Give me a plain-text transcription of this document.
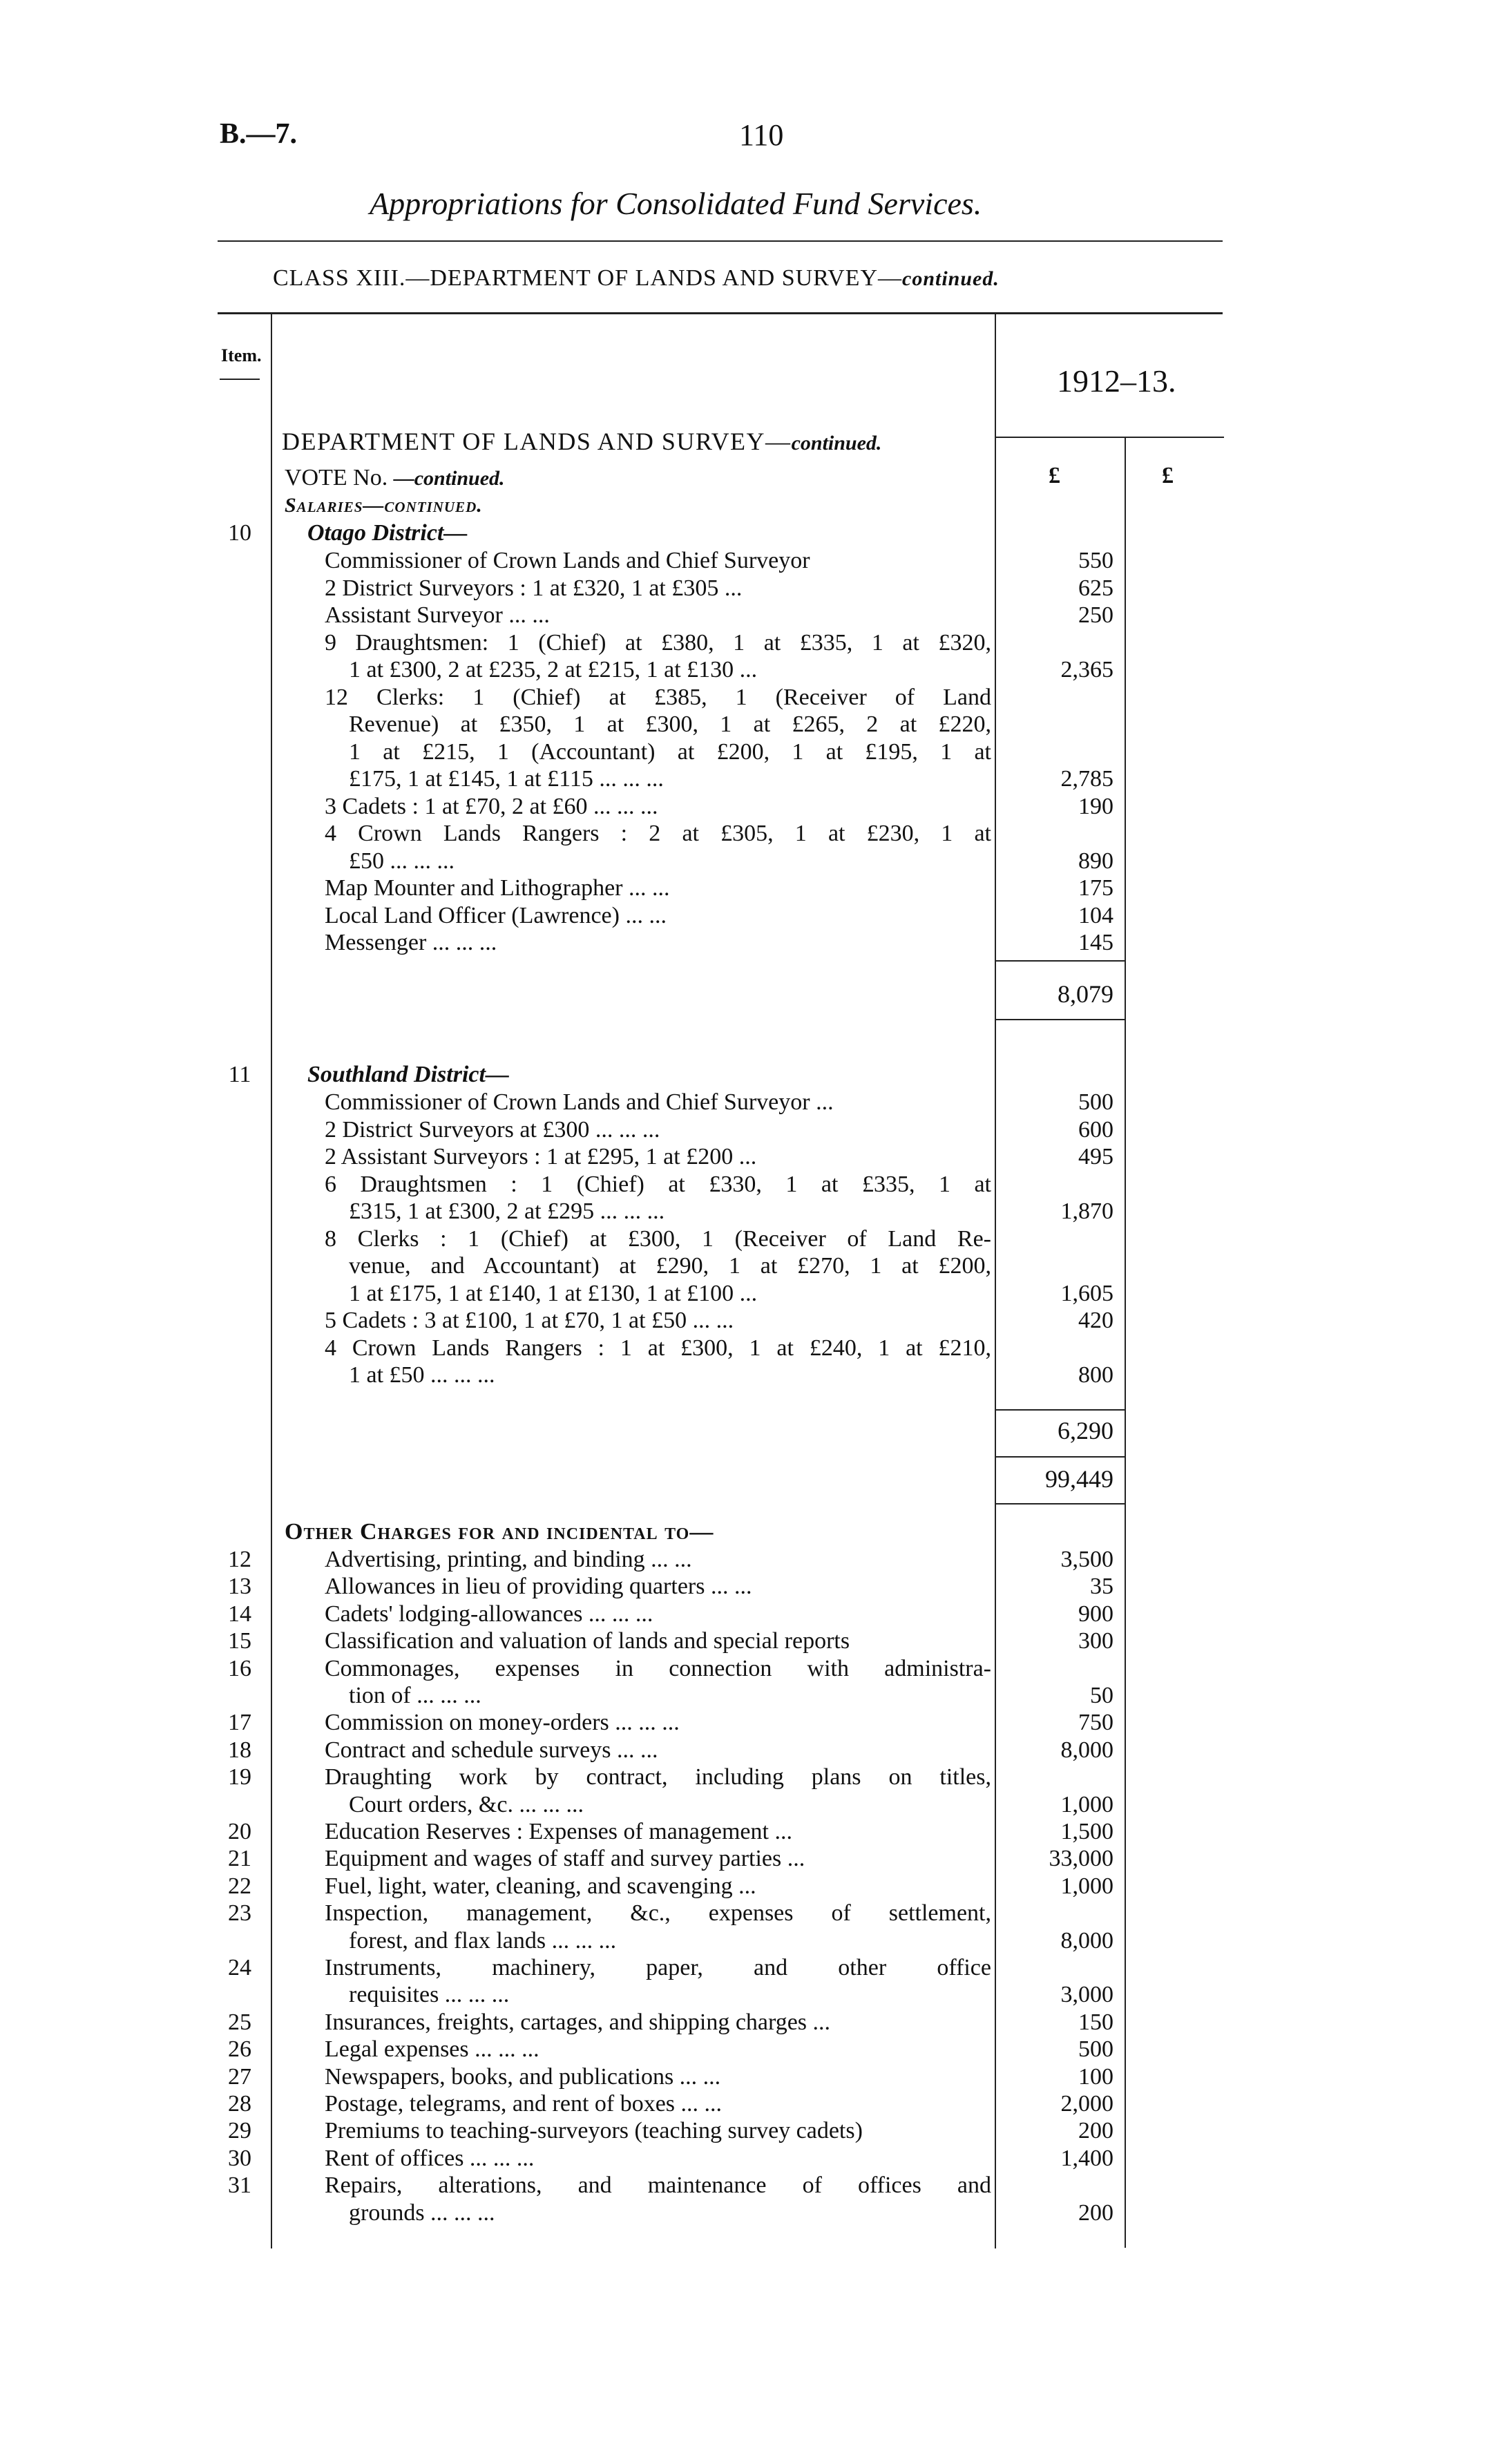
B.—7.	110
Appropriations for Consolidated Fund Services.
CLASS XIII.—DEPARTMENT OF LANDS AND SURVEY—continued.
Item.
1912–13.
DEPARTMENT OF LANDS AND SURVEY—continued.
£	£
VOTE No. —continued.
Salaries—continued.
10 Otago District—
Commissioner of Crown Lands and Chief Surveyor	550
2 District Surveyors : 1 at £320, 1 at £305 ...	625
Assistant Surveyor ... ...	250
9 Draughtsmen: 1 (Chief) at £380, 1 at £335, 1 at £320,
1 at £300, 2 at £235, 2 at £215, 1 at £130 ...	2,365
12 Clerks: 1 (Chief) at £385, 1 (Receiver of Land
Revenue) at £350, 1 at £300, 1 at £265, 2 at £220,
1 at £215, 1 (Accountant) at £200, 1 at £195, 1 at
£175, 1 at £145, 1 at £115 ... ... ...	2,785
3 Cadets : 1 at £70, 2 at £60 ... ... ...	190
4 Crown Lands Rangers : 2 at £305, 1 at £230, 1 at
£50 ... ... ...	890
Map Mounter and Lithographer ... ...	175
Local Land Officer (Lawrence) ... ...	104
Messenger ... ... ...	145
8,079
11 Southland District—
Commissioner of Crown Lands and Chief Surveyor ...	500
2 District Surveyors at £300 ... ... ...	600
2 Assistant Surveyors : 1 at £295, 1 at £200 ...	495
6 Draughtsmen : 1 (Chief) at £330, 1 at £335, 1 at
£315, 1 at £300, 2 at £295 ... ... ...	1,870
8 Clerks : 1 (Chief) at £300, 1 (Receiver of Land Re-
venue, and Accountant) at £290, 1 at £270, 1 at £200,
1 at £175, 1 at £140, 1 at £130, 1 at £100 ...	1,605
5 Cadets : 3 at £100, 1 at £70, 1 at £50 ... ...	420
4 Crown Lands Rangers : 1 at £300, 1 at £240, 1 at £210,
1 at £50 ... ... ...	800
6,290
99,449
Other Charges for and incidental to—
12	Advertising, printing, and binding ... ...	3,500
13	Allowances in lieu of providing quarters ... ...	35
14	Cadets' lodging-allowances ... ... ...	900
15	Classification and valuation of lands and special reports	300
16	Commonages, expenses in connection with administra-
tion of ... ... ...	50
17	Commission on money-orders ... ... ...	750
18	Contract and schedule surveys ... ...	8,000
19	Draughting work by contract, including plans on titles,
Court orders, &c. ... ... ...	1,000
20	Education Reserves : Expenses of management ...	1,500
21	Equipment and wages of staff and survey parties ...	33,000
22	Fuel, light, water, cleaning, and scavenging ...	1,000
23	Inspection, management, &c., expenses of settlement,
forest, and flax lands ... ... ...	8,000
24	Instruments, machinery, paper, and other office
requisites ... ... ...	3,000
25	Insurances, freights, cartages, and shipping charges ...	150
26	Legal expenses ... ... ...	500
27	Newspapers, books, and publications ... ...	100
28	Postage, telegrams, and rent of boxes ... ...	2,000
29	Premiums to teaching-surveyors (teaching survey cadets)	200
30	Rent of offices ... ... ...	1,400
31	Repairs, alterations, and maintenance of offices and
grounds ... ... ...	200
